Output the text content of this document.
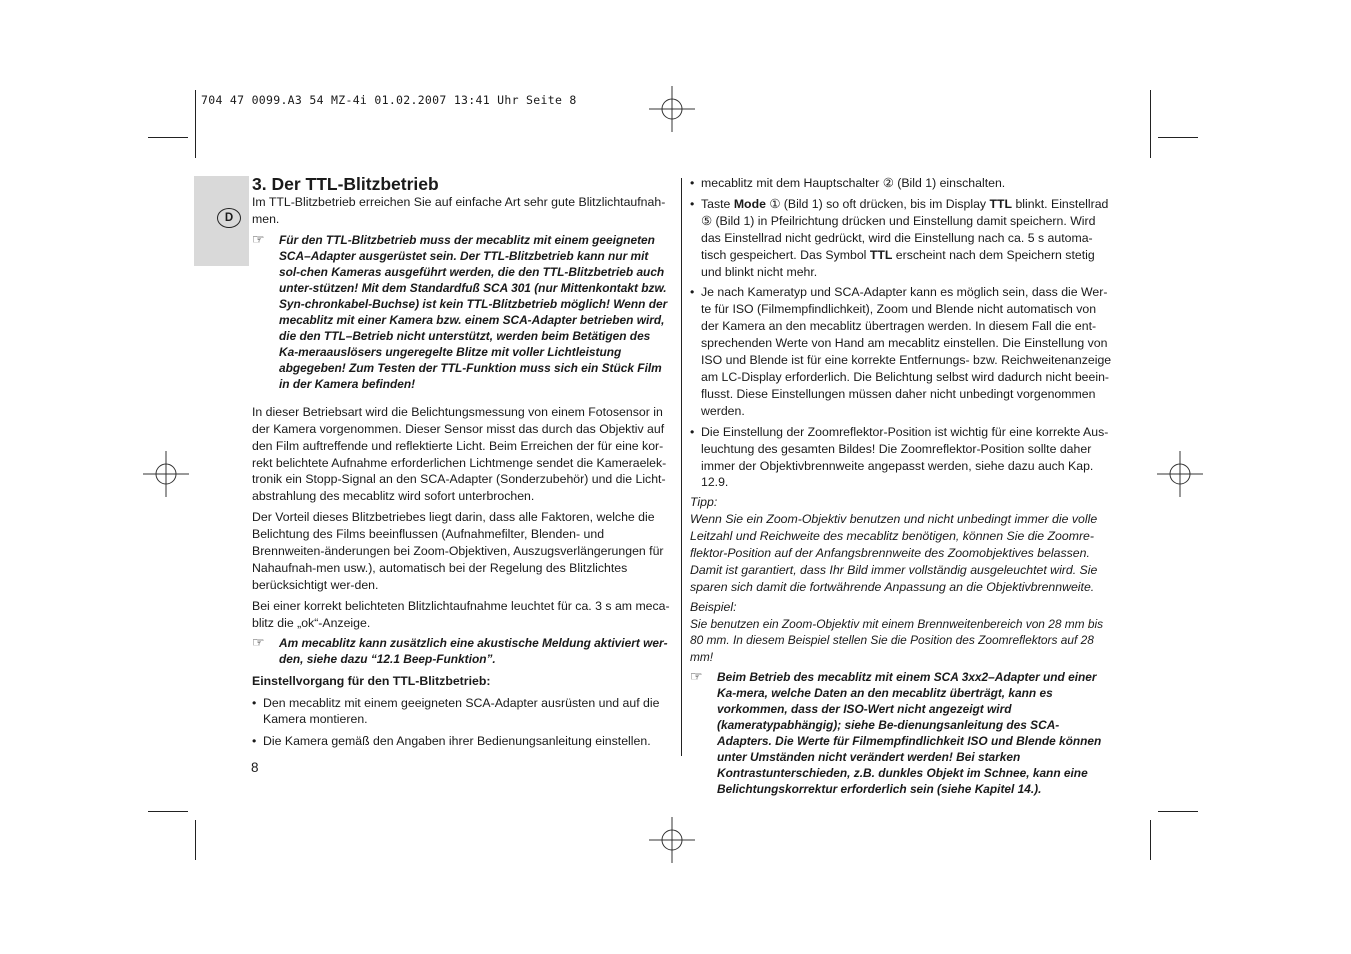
704 47 0099.A3 54 MZ-4i 01.02.2007 13:41 Uhr Seite 8
D

3. Der TTL-Blitzbetrieb

Im TTL-Blitzbetrieb erreichen Sie auf einfache Art sehr gute Blitzlichtaufnah-men.

☞ Für den TTL-Blitzbetrieb muss der mecablitz mit einem geeigneten SCA–Adapter ausgerüstet sein. Der TTL-Blitzbetrieb kann nur mit sol-chen Kameras ausgeführt werden, die den TTL-Blitzbetrieb auch unter-stützen! Mit dem Standardfuß SCA 301 (nur Mittenkontakt bzw. Syn-chronkabel-Buchse) ist kein TTL-Blitzbetrieb möglich! Wenn der mecablitz mit einer Kamera bzw. einem SCA-Adapter betrieben wird, die den TTL–Betrieb nicht unterstützt, werden beim Betätigen des Ka-meraauslösers ungeregelte Blitze mit voller Lichtleistung abgegeben! Zum Testen der TTL-Funktion muss sich ein Stück Film in der Kamera befinden!

In dieser Betriebsart wird die Belichtungsmessung von einem Fotosensor in der Kamera vorgenommen. Dieser Sensor misst das durch das Objektiv auf den Film auftreffende und reflektierte Licht. Beim Erreichen der für eine kor-rekt belichtete Aufnahme erforderlichen Lichtmenge sendet die Kameraelek-tronik ein Stopp-Signal an den SCA-Adapter (Sonderzubehör) und die Licht-abstrahlung des mecablitz wird sofort unterbrochen.

Der Vorteil dieses Blitzbetriebes liegt darin, dass alle Faktoren, welche die Belichtung des Films beeinflussen (Aufnahmefilter, Blenden- und Brennweiten-änderungen bei Zoom-Objektiven, Auszugsverlängerungen für Nahaufnah-men usw.), automatisch bei der Regelung des Blitzlichtes berücksichtigt wer-den.

Bei einer korrekt belichteten Blitzlichtaufnahme leuchtet für ca. 3 s am meca-blitz die „ok“-Anzeige.

☞ Am mecablitz kann zusätzlich eine akustische Meldung aktiviert wer-den, siehe dazu “12.1 Beep-Funktion”.

Einstellvorgang für den TTL-Blitzbetrieb:

• Den mecablitz mit einem geeigneten SCA-Adapter ausrüsten und auf die Kamera montieren.
• Die Kamera gemäß den Angaben ihrer Bedienungsanleitung einstellen.
8
• mecablitz mit dem Hauptschalter ② (Bild 1) einschalten.
• Taste Mode ① (Bild 1) so oft drücken, bis im Display TTL blinkt. Einstellrad ⑤ (Bild 1) in Pfeilrichtung drücken und Einstellung damit speichern. Wird das Einstellrad nicht gedrückt, wird die Einstellung nach ca. 5 s automa-tisch gespeichert. Das Symbol TTL erscheint nach dem Speichern stetig und blinkt nicht mehr.
• Je nach Kameratyp und SCA-Adapter kann es möglich sein, dass die Wer-te für ISO (Filmempfindlichkeit), Zoom und Blende nicht automatisch von der Kamera an den mecablitz übertragen werden. In diesem Fall die ent-sprechenden Werte von Hand am mecablitz einstellen. Die Einstellung von ISO und Blende ist für eine korrekte Entfernungs- bzw. Reichweitenanzeige am LC-Display erforderlich. Die Belichtung selbst wird dadurch nicht beein-flusst. Diese Einstellungen müssen daher nicht unbedingt vorgenommen werden.
• Die Einstellung der Zoomreflektor-Position ist wichtig für eine korrekte Aus-leuchtung des gesamten Bildes! Die Zoomreflektor-Position sollte daher immer der Objektivbrennweite angepasst werden, siehe dazu auch Kap. 12.9.

Tipp:

Wenn Sie ein Zoom-Objektiv benutzen und nicht unbedingt immer die volle Leitzahl und Reichweite des mecablitz benötigen, können Sie die Zoomre-flektor-Position auf der Anfangsbrennweite des Zoomobjektives belassen. Damit ist garantiert, dass Ihr Bild immer vollständig ausgeleuchtet wird. Sie sparen sich damit die fortwährende Anpassung an die Objektivbrennweite.

Beispiel:

Sie benutzen ein Zoom-Objektiv mit einem Brennweitenbereich von 28 mm bis 80 mm. In diesem Beispiel stellen Sie die Position des Zoomreflektors auf 28 mm!

☞ Beim Betrieb des mecablitz mit einem SCA 3xx2–Adapter und einer Ka-mera, welche Daten an den mecablitz überträgt, kann es vorkommen, dass der ISO-Wert nicht angezeigt wird (kameratypabhängig); siehe Be-dienungsanleitung des SCA-Adapters. Die Werte für Filmempfindlichkeit ISO und Blende können unter Umständen nicht verändert werden! Bei starken Kontrastunterschieden, z.B. dunkles Objekt im Schnee, kann eine Belichtungskorrektur erforderlich sein (siehe Kapitel 14.).
